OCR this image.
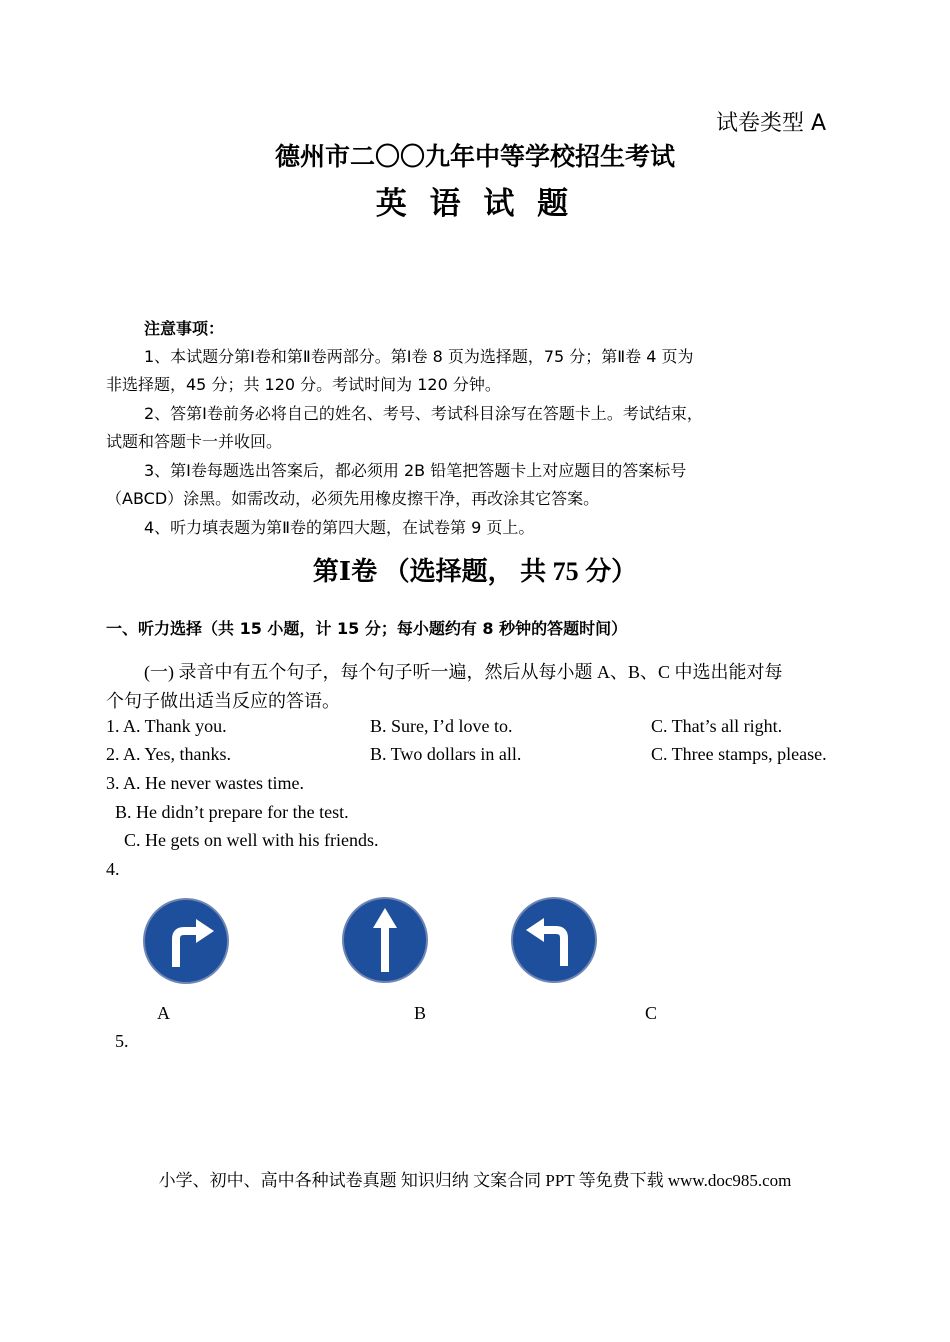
试卷类型 A
德州市二〇〇九年中等学校招生考试
英 语 试 题
注意事项：
1、本试题分第Ⅰ卷和第Ⅱ卷两部分。第Ⅰ卷 8 页为选择题，75 分；第Ⅱ卷 4 页为
非选择题，45 分；共 120 分。考试时间为 120 分钟。
2、答第Ⅰ卷前务必将自己的姓名、考号、考试科目涂写在答题卡上。考试结束，
试题和答题卡一并收回。
3、第Ⅰ卷每题选出答案后，都必须用 2B 铅笔把答题卡上对应题目的答案标号
（ABCD）涂黑。如需改动，必须先用橡皮擦干净，再改涂其它答案。
4、听力填表题为第Ⅱ卷的第四大题，在试卷第 9 页上。
第Ⅰ卷 （选择题， 共 75 分）
一、听力选择（共 15 小题，计 15 分；每小题约有 8 秒钟的答题时间）
(一) 录音中有五个句子，每个句子听一遍，然后从每小题 A、B、C 中选出能对每
个句子做出适当反应的答语。
1. A. Thank you.	B. Sure, I’d love to.	C. That’s all right.
2. A. Yes, thanks.	B. Two dollars in all.	C. Three stamps, please.
3. A. He never wastes time.
B. He didn’t prepare for the test.
C. He gets on well with his friends.
4.
A	B	C
5.
小学、初中、高中各种试卷真题 知识归纳 文案合同 PPT 等免费下载 www.doc985.com
